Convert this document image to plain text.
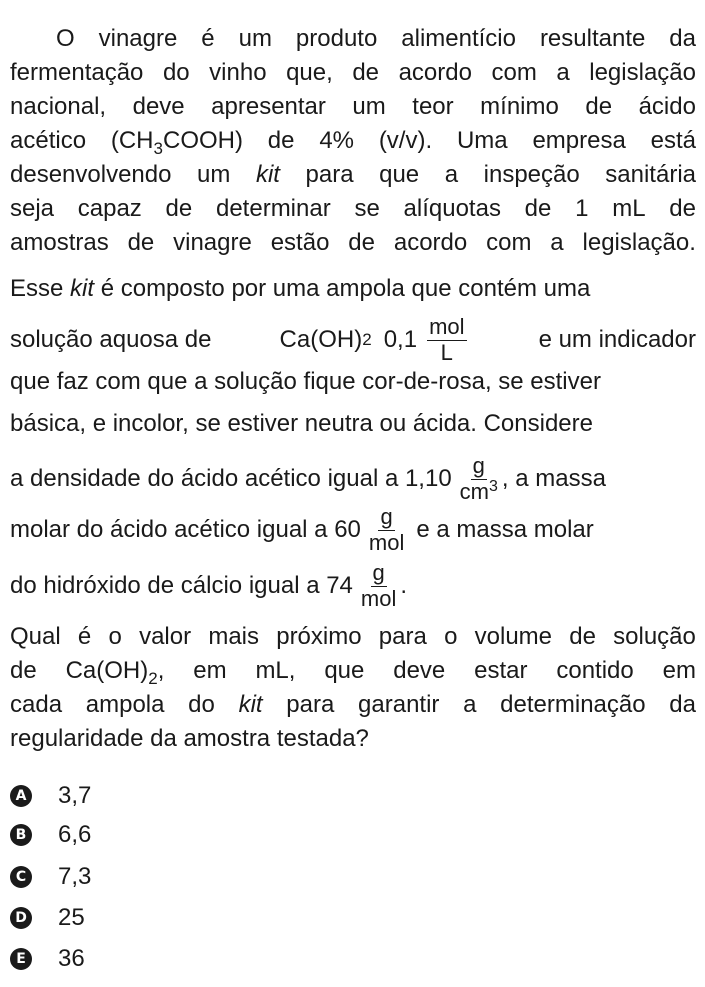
O vinagre é um produto alimentício resultante da
fermentação do vinho que, de acordo com a legislação
nacional, deve apresentar um teor mínimo de ácido
acético $(CH_3COOH)$ de 4% (v/v). Uma empresa está
desenvolvendo um kit para que a inspeção sanitária
seja capaz de determinar se alíquotas de 1 mL de
amostras de vinagre estão de acordo com a legislação.
Esse kit é composto por uma ampola que contém uma
solução aquosa de	Ca(OH) 2 $0,1 \frac{\text{mol}}{L}$	e um indicador
que faz com que a solução fique cor-de-rosa, se estiver
básica, e incolor, se estiver neutra ou ácida. Considere
a densidade do ácido acético igual a $1,10 \frac{g}{cm^3}$ , a massa
molar do ácido acético igual a $60 \frac{g}{\text{mol}}$ e a massa molar
do hidróxido de cálcio igual a $74 \frac{g}{\text{mol}}$ .
Qual é o valor mais próximo para o volume de solução
de $Ca(OH)_2$, em mL, que deve estar contido em
cada ampola do kit para garantir a determinação da
regularidade da amostra testada?
A 3,7
B 6,6
C 7,3
D 25
E 36
